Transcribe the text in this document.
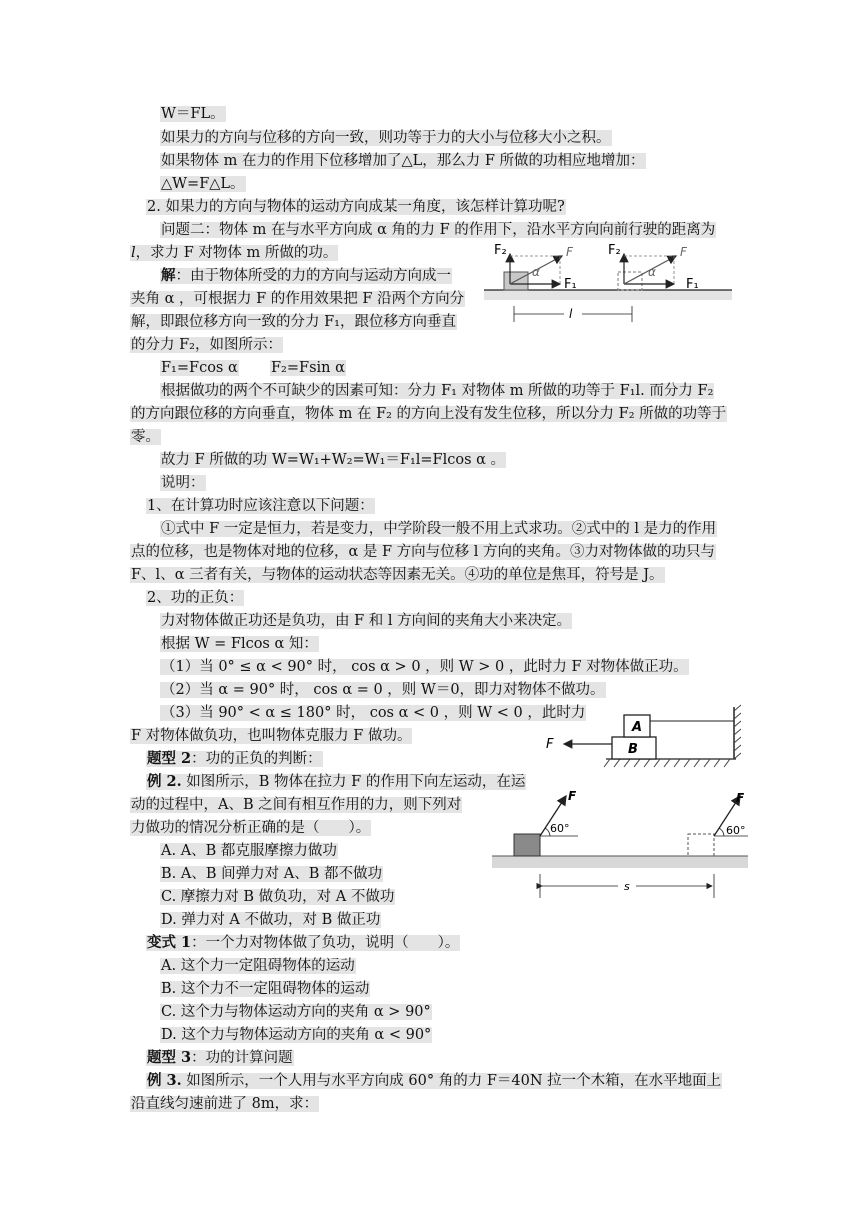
W＝FL。
如果力的方向与位移的方向一致，则功等于力的大小与位移大小之积。
如果物体 m 在力的作用下位移增加了△L，那么力 F 所做的功相应地增加：
△W=F△L。
2. 如果力的方向与物体的运动方向成某一角度，该怎样计算功呢?
问题二：物体 m 在与水平方向成 α 角的力 F 的作用下，沿水平方向向前行驶的距离为
l，求力 F 对物体 m 所做的功。
解：由于物体所受的力的方向与运动方向成一
夹角 α ，可根据力 F 的作用效果把 F 沿两个方向分
解，即跟位移方向一致的分力 F₁，跟位移方向垂直
的分力 F₂，如图所示：
F₁=Fcos α F₂=Fsin α
根据做功的两个不可缺少的因素可知：分力 F₁ 对物体 m 所做的功等于 F₁l. 而分力 F₂
的方向跟位移的方向垂直，物体 m 在 F₂ 的方向上没有发生位移，所以分力 F₂ 所做的功等于
零。
故力 F 所做的功 W=W₁+W₂=W₁＝F₁l=Flcos α 。
说明：
1、在计算功时应该注意以下问题：
①式中 F 一定是恒力，若是变力，中学阶段一般不用上式求功。②式中的 l 是力的作用
点的位移，也是物体对地的位移，α 是 F 方向与位移 l 方向的夹角。③力对物体做的功只与
F、l、α 三者有关，与物体的运动状态等因素无关。④功的单位是焦耳，符号是 J。
2、功的正负：
力对物体做正功还是负功，由 F 和 l 方向间的夹角大小来决定。
根据 W = Flcos α 知：
（1）当 0° ≤ α < 90° 时， cos α > 0 ，则 W > 0 ，此时力 F 对物体做正功。
（2）当 α = 90° 时， cos α = 0 ，则 W＝0，即力对物体不做功。
（3）当 90° < α ≤ 180° 时， cos α < 0 ，则 W < 0 ，此时力
F 对物体做负功，也叫物体克服力 F 做功。
题型 2：功的正负的判断：
例 2. 如图所示，B 物体在拉力 F 的作用下向左运动，在运
动的过程中，A、B 之间有相互作用的力，则下列对
力做功的情况分析正确的是（　　）。
A. A、B 都克服摩擦力做功
B. A、B 间弹力对 A、B 都不做功
C. 摩擦力对 B 做负功，对 A 不做功
D. 弹力对 A 不做功，对 B 做正功
变式 1：一个力对物体做了负功，说明（　　）。
A. 这个力一定阻碍物体的运动
B. 这个力不一定阻碍物体的运动
C. 这个力与物体运动方向的夹角 α > 90°
D. 这个力与物体运动方向的夹角 α < 90°
题型 3：功的计算问题
例 3. 如图所示，一个人用与水平方向成 60° 角的力 F＝40N 拉一个木箱，在水平地面上
沿直线匀速前进了 8m，求：
F₂	F
α
F₁
F₂	F
α
F₁
l
B
A
F
F
60°
F
60°
s
